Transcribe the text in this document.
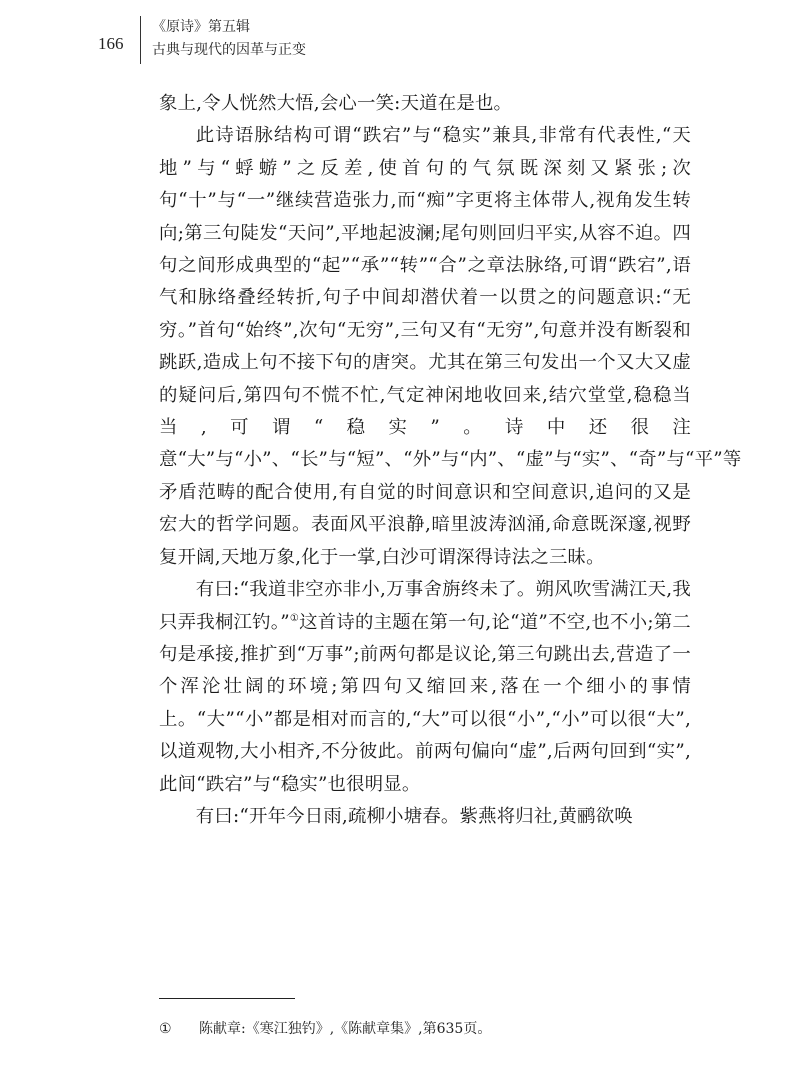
166
《原诗》第五辑
古典与现代的因革与正变

象上,令人恍然大悟,会心一笑:天道在是也。

此诗语脉结构可谓“跌宕”与“稳实”兼具,非常有代表性,“天地”与“蜉蝣”之反差,使首句的气氛既深刻又紧张;次句“十”与“一”继续营造张力,而“痴”字更将主体带人,视角发生转向;第三句陡发“天问”,平地起波澜;尾句则回归平实,从容不迫。四句之间形成典型的“起”“承”“转”“合”之章法脉络,可谓“跌宕”,语气和脉络叠经转折,句子中间却潜伏着一以贯之的问题意识:“无穷。”首句“始终”,次句“无穷”,三句又有“无穷”,句意并没有断裂和跳跃,造成上句不接下句的唐突。尤其在第三句发出一个又大又虚的疑问后,第四句不慌不忙,气定神闲地收回来,结穴堂堂,稳稳当当,可谓“稳实”。诗中还很注意“大”与“小”、“长”与“短”、“外”与“内”、“虚”与“实”、“奇”与“平”等矛盾范畴的配合使用,有自觉的时间意识和空间意识,追问的又是宏大的哲学问题。表面风平浪静,暗里波涛汹涌,命意既深邃,视野复开阔,天地万象,化于一掌,白沙可谓深得诗法之三昧。

有曰:“我道非空亦非小,万事舍旃终未了。朔风吹雪满江天,我只弄我桐江钓。”①这首诗的主题在第一句,论“道”不空,也不小;第二句是承接,推扩到“万事”;前两句都是议论,第三句跳出去,营造了一个浑沦壮阔的环境;第四句又缩回来,落在一个细小的事情上。“大”“小”都是相对而言的,“大”可以很“小”,“小”可以很“大”,以道观物,大小相齐,不分彼此。前两句偏向“虚”,后两句回到“实”,此间“跌宕”与“稳实”也很明显。

有曰:“开年今日雨,疏柳小塘春。紫燕将归社,黄鹂欲唤

① 陈献章:《寒江独钓》,《陈献章集》,第635页。
